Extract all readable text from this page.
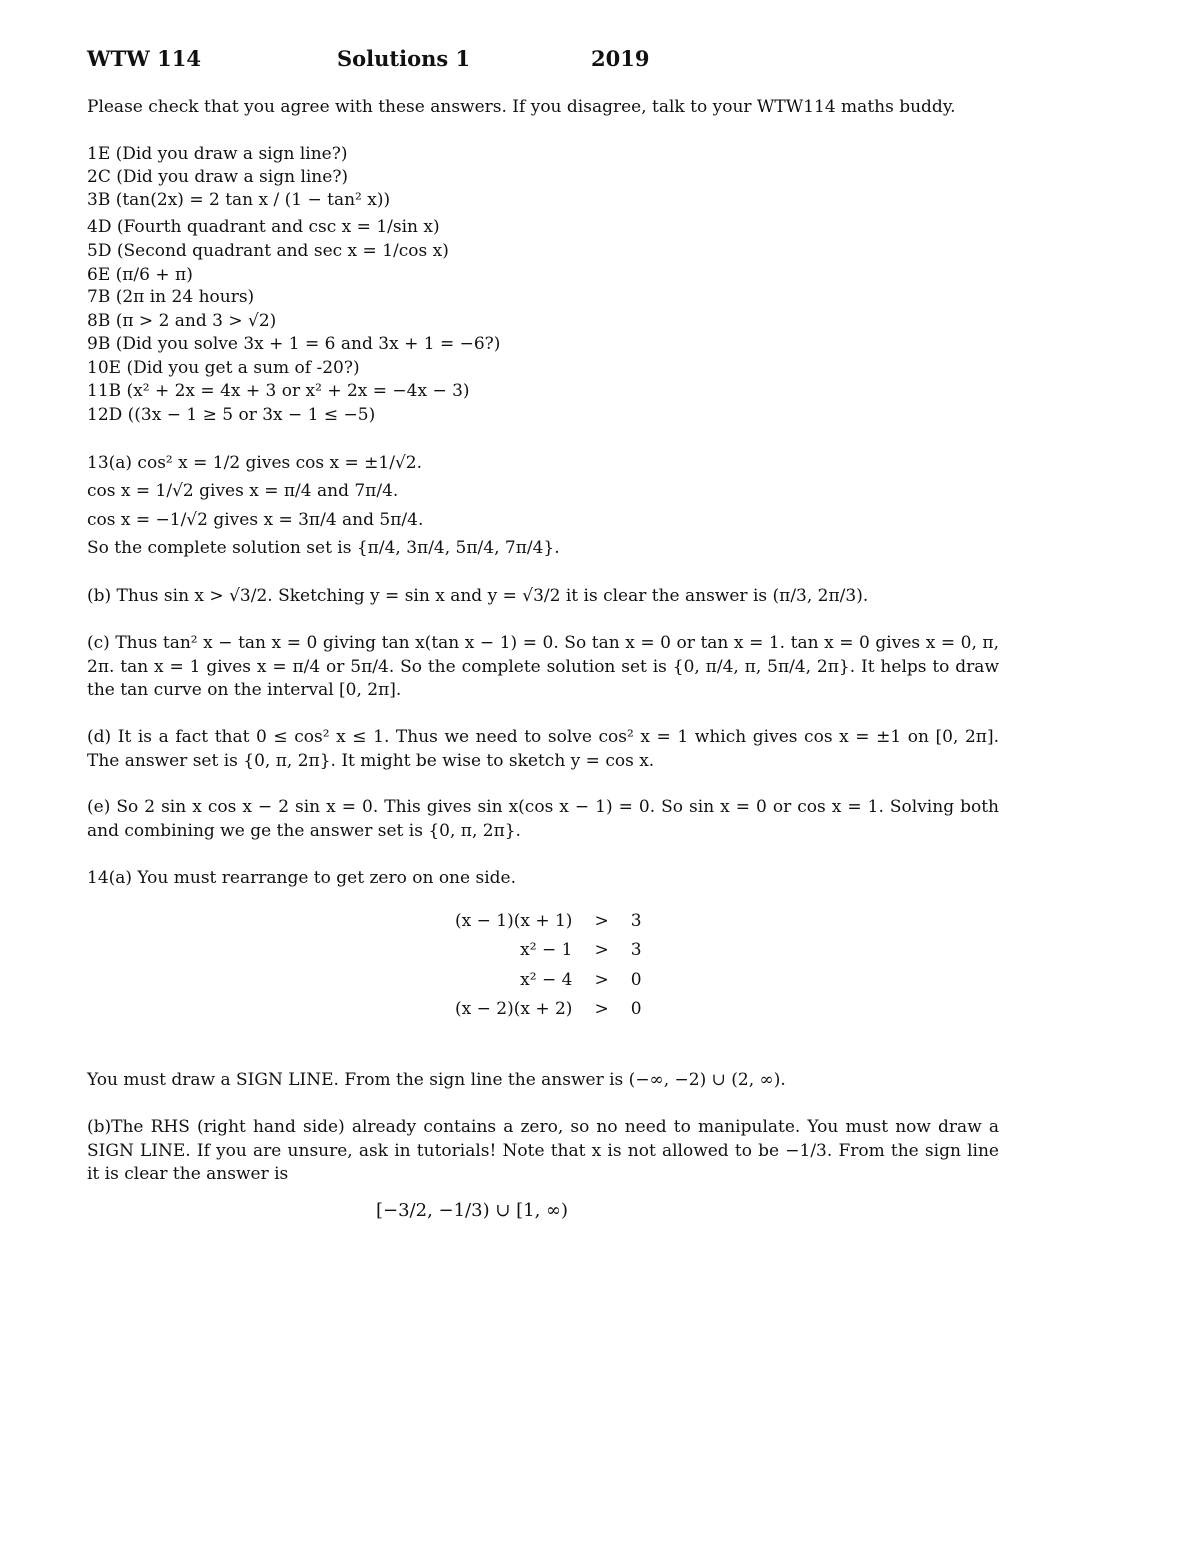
WTW 114	Solutions 1	2019
Please check that you agree with these answers. If you disagree, talk to your WTW114 maths buddy.
1E (Did you draw a sign line?)
2C (Did you draw a sign line?)
3B (tan(2x) = 2 tan x / (1 − tan² x))
4D (Fourth quadrant and csc x = 1/sin x)
5D (Second quadrant and sec x = 1/cos x)
6E (π/6 + π)
7B (2π in 24 hours)
8B (π > 2 and 3 > √2)
9B (Did you solve 3x + 1 = 6 and 3x + 1 = −6?)
10E (Did you get a sum of -20?)
11B (x² + 2x = 4x + 3 or x² + 2x = −4x − 3)
12D ((3x − 1 ≥ 5 or 3x − 1 ≤ −5)
13(a) cos² x = 1/2 gives cos x = ±1/√2.
cos x = 1/√2 gives x = π/4 and 7π/4.
cos x = −1/√2 gives x = 3π/4 and 5π/4.
So the complete solution set is {π/4, 3π/4, 5π/4, 7π/4}.
(b) Thus sin x > √3/2. Sketching y = sin x and y = √3/2 it is clear the answer is (π/3, 2π/3).
(c) Thus tan² x − tan x = 0 giving tan x(tan x − 1) = 0. So tan x = 0 or tan x = 1. tan x = 0 gives x = 0, π, 2π. tan x = 1 gives x = π/4 or 5π/4. So the complete solution set is {0, π/4, π, 5π/4, 2π}. It helps to draw the tan curve on the interval [0, 2π].
(d) It is a fact that 0 ≤ cos² x ≤ 1. Thus we need to solve cos² x = 1 which gives cos x = ±1 on [0, 2π]. The answer set is {0, π, 2π}. It might be wise to sketch y = cos x.
(e) So 2 sin x cos x − 2 sin x = 0. This gives sin x(cos x − 1) = 0. So sin x = 0 or cos x = 1. Solving both and combining we ge the answer set is {0, π, 2π}.
14(a) You must rearrange to get zero on one side.
(x − 1)(x + 1)	>	3
x² − 1	>	3
x² − 4	>	0
(x − 2)(x + 2)	>	0
You must draw a SIGN LINE. From the sign line the answer is (−∞, −2) ∪ (2, ∞).
(b)The RHS (right hand side) already contains a zero, so no need to manipulate. You must now draw a SIGN LINE. If you are unsure, ask in tutorials! Note that x is not allowed to be −1/3. From the sign line it is clear the answer is
[−3/2, −1/3) ∪ [1, ∞)
